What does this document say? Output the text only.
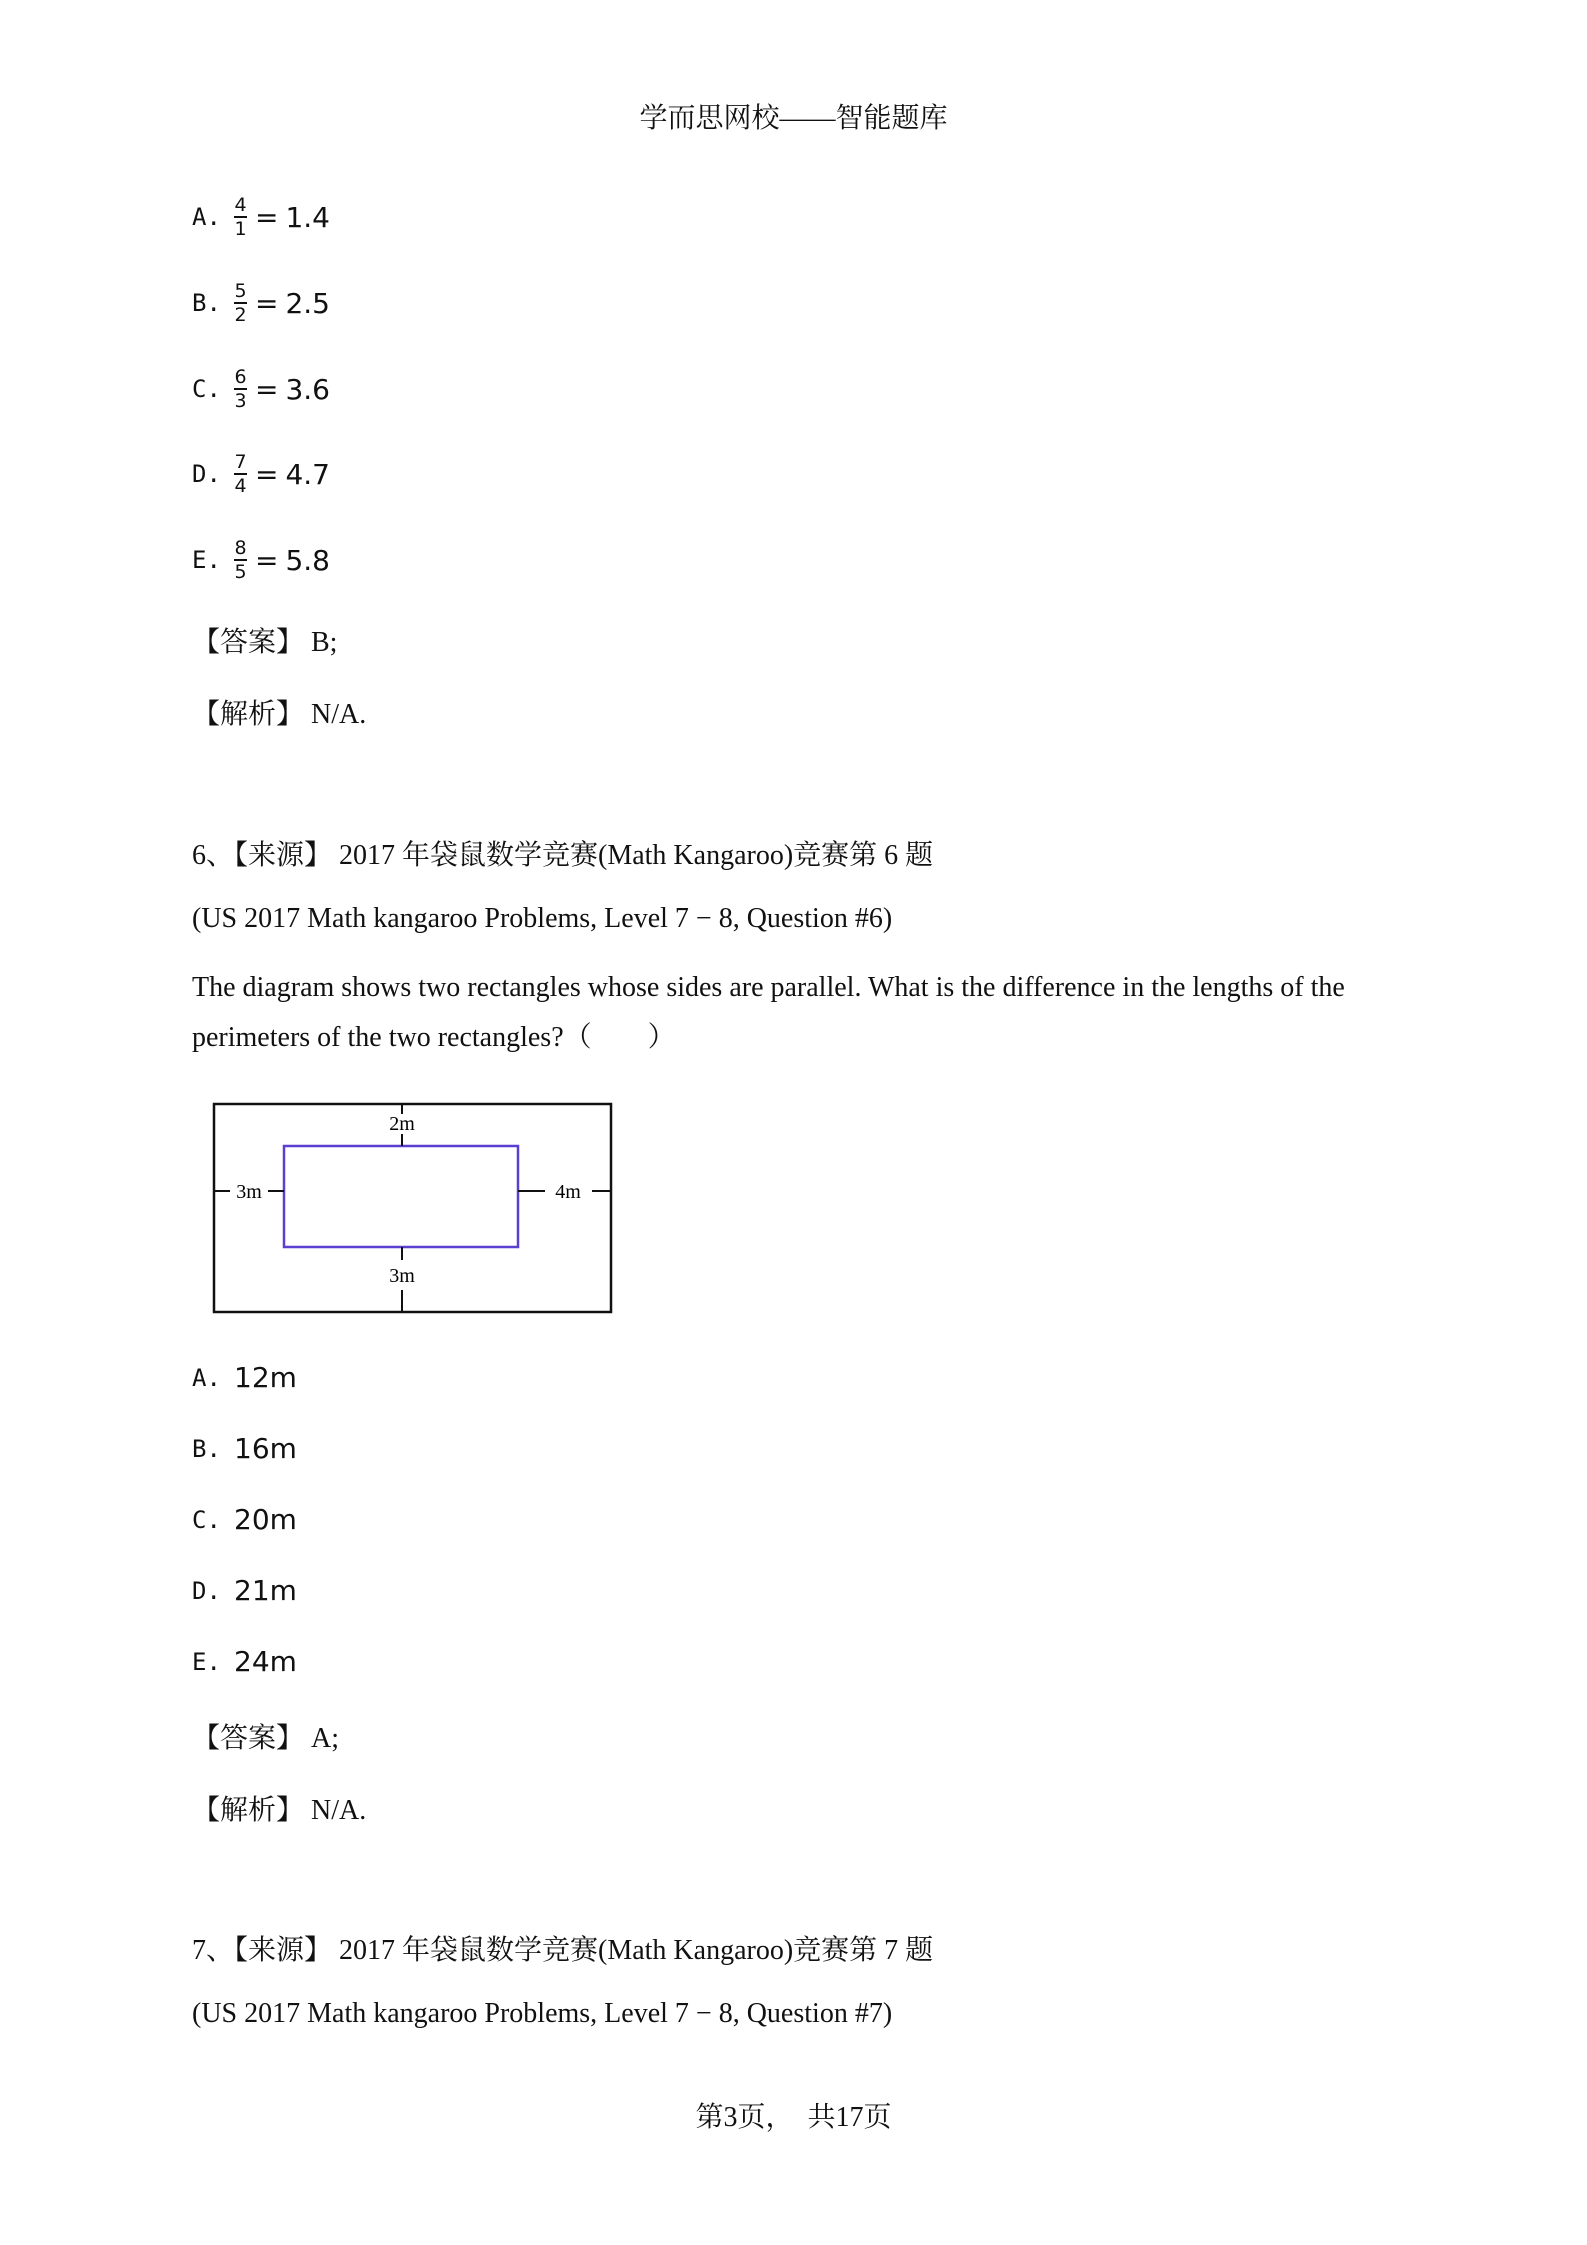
学而思网校——智能题库
A. $\frac{4}{1}$ =
1.4
B. $\frac{5}{2}$ =
2.5
C. $\frac{6}{3}$ =
3.6
D. $\frac{7}{4}$ =
4.7
E. $\frac{8}{5}$ =
5.8
【答案】 B;
【解析】 N/A.
6、【来源】 2017 年袋鼠数学竞赛(Math Kangaroo)竞赛第 6 题
(US 2017 Math kangaroo Problems, Level 7 − 8, Question #6)
The diagram shows two rectangles whose sides are parallel. What is the difference in the lengths of the perimeters of the two rectangles?（　　）
2m
3m	4m
3m
A. 12m
B. 16m
C. 20m
D. 21m
E. 24m
【答案】 A;
【解析】 N/A.
7、【来源】 2017 年袋鼠数学竞赛(Math Kangaroo)竞赛第 7 题
(US 2017 Math kangaroo Problems, Level 7 − 8, Question #7)
第3页，　共17页
